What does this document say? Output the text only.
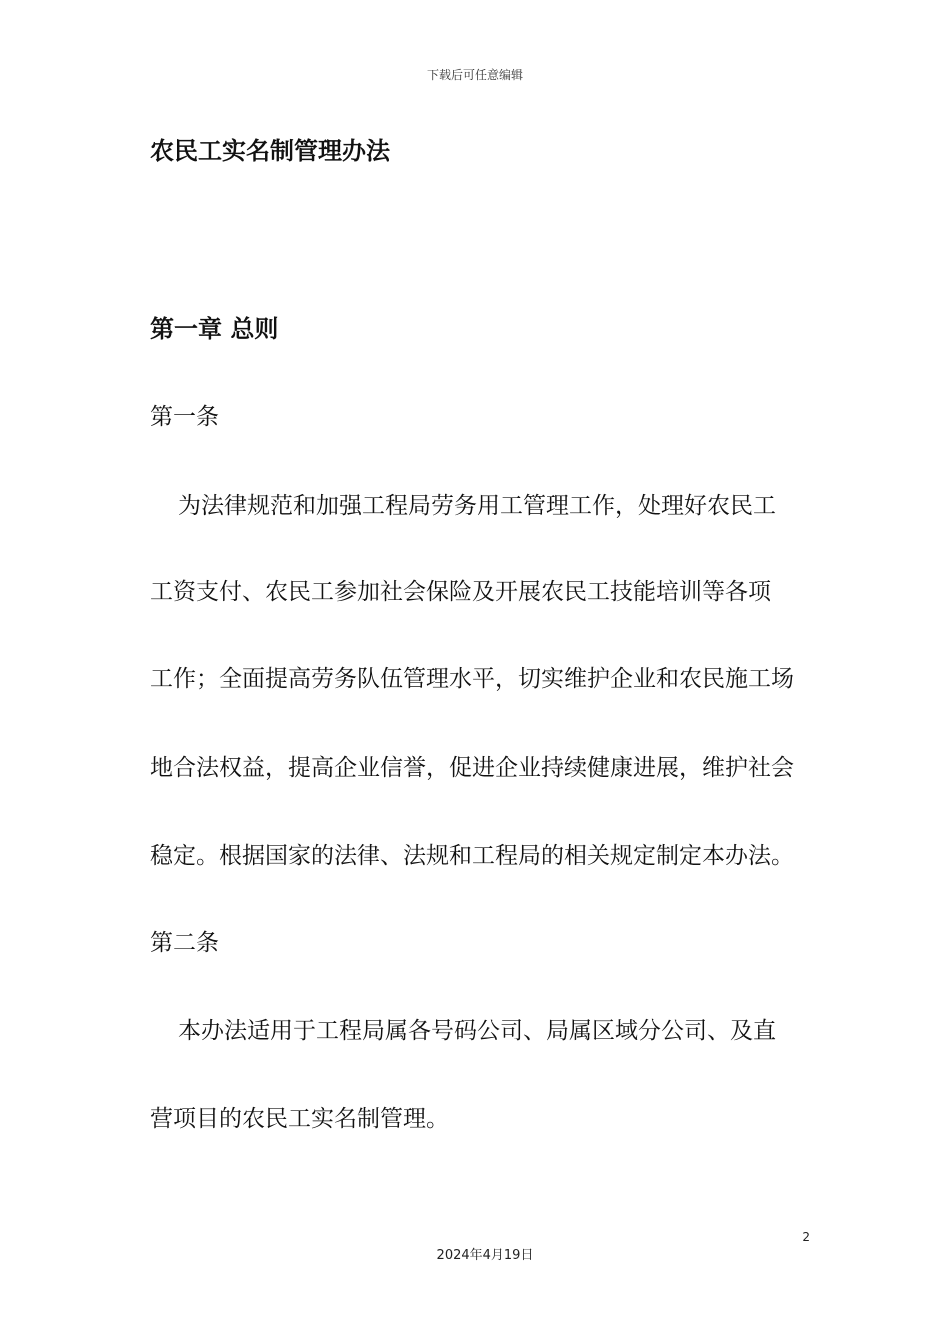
下载后可任意编辑
农民工实名制管理办法
第一章 总则
第一条
为法律规范和加强工程局劳务用工管理工作，处理好农民工
工资支付、农民工参加社会保险及开展农民工技能培训等各项
工作；全面提高劳务队伍管理水平，切实维护企业和农民施工场
地合法权益，提高企业信誉，促进企业持续健康进展，维护社会
稳定。根据国家的法律、法规和工程局的相关规定制定本办法。
第二条
本办法适用于工程局属各号码公司、局属区域分公司、及直
营项目的农民工实名制管理。
2
2024年4月19日
